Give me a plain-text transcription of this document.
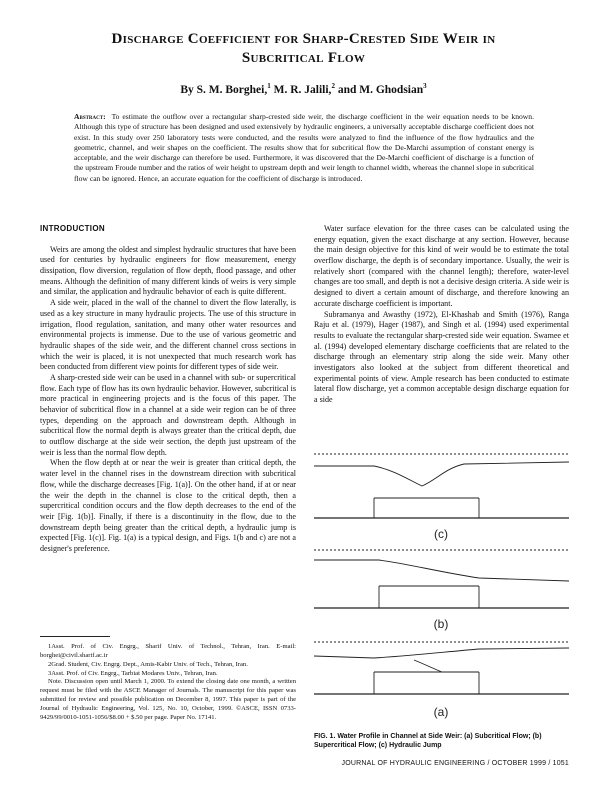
Discharge Coefficient for Sharp-Crested Side Weir in
Subcritical Flow
By S. M. Borghei,$^1$ M. R. Jalili,$^2$ and M. Ghodsian$^3$
Abstract: To estimate the outflow over a rectangular sharp-crested side weir, the discharge coefficient in the weir equation needs to be known. Although this type of structure has been designed and used extensively by hydraulic engineers, a universally acceptable discharge coefficient does not exist. In this study over 250 laboratory tests were conducted, and the results were analyzed to find the influence of the flow hydraulics and the geometric, channel, and weir shapes on the coefficient. The results show that for subcritical flow the De-Marchi assumption of constant energy is acceptable, and the weir discharge can therefore be used. Furthermore, it was discovered that the De-Marchi coefficient of discharge is a function of the upstream Froude number and the ratios of weir height to upstream depth and weir length to channel width, whereas the channel slope in subcritical flow can be ignored. Hence, an accurate equation for the coefficient of discharge is introduced.
INTRODUCTION

Weirs are among the oldest and simplest hydraulic structures that have been used for centuries by hydraulic engineers for flow measurement, energy dissipation, flow diversion, regulation of flow depth, flood passage, and other means. Although the definition of many different kinds of weirs is very simple and similar, the application and hydraulic behavior of each is quite different.

A side weir, placed in the wall of the channel to divert the flow laterally, is used as a key structure in many hydraulic projects. The use of this structure in irrigation, flood regulation, sanitation, and many other water resources and environmental projects is immense. Due to the use of various geometric and hydraulic shapes of the side weir, and the different channel cross sections in which the weir is placed, it is not unexpected that much research work has been conducted from different view points for different types of side weir.

A sharp-crested side weir can be used in a channel with sub- or supercritical flow. Each type of flow has its own hydraulic behavior. However, subcritical is more practical in engineering projects and is the focus of this paper. The behavior of subcritical flow in a channel at a side weir region can be of three types, depending on the approach and downstream depth. Although in subcritical flow the normal depth is always greater than the critical depth, due to outflow discharge at the side weir section, the depth just upstream of the weir is less than the normal flow depth.

When the flow depth at or near the weir is greater than critical depth, the water level in the channel rises in the downstream direction with subcritical flow, while the discharge decreases [Fig. 1(a)]. On the other hand, if at or near the weir the depth in the channel is close to the critical depth, then a supercritical condition occurs and the flow depth decreases to the end of the weir [Fig. 1(b)]. Finally, if there is a discontinuity in the flow, due to the downstream depth being greater than the critical depth, a hydraulic jump is expected [Fig. 1(c)]. Fig. 1(a) is a typical design, and Figs. 1(b and c) are not a designer's preference.

1Asst. Prof. of Civ. Engrg., Sharif Univ. of Technol., Tehran, Iran. E-mail: borghei@civil.sharif.ac.ir

2Grad. Student, Civ. Engrg. Dept., Amis-Kabir Univ. of Tech., Tehran, Iran.

3Asst. Prof. of Civ. Engrg., Tarbiat Modares Univ., Tehran, Iran.

Note. Discussion open until March 1, 2000. To extend the closing date one month, a written request must be filed with the ASCE Manager of Journals. The manuscript for this paper was submitted for review and possible publication on December 8, 1997. This paper is part of the Journal of Hydraulic Engineering, Vol. 125, No. 10, October, 1999. ©ASCE, ISSN 0733-9429/99/0010-1051-1056/$8.00 + $.50 per page. Paper No. 17141.

Water surface elevation for the three cases can be calculated using the energy equation, given the exact discharge at any section. However, because the main design objective for this kind of weir would be to estimate the total overflow discharge, the depth is of secondary importance. Usually, the weir is relatively short (compared with the channel length); therefore, water-level changes are too small, and depth is not a decisive design criteria. A side weir is designed to divert a certain amount of discharge, and therefore knowing an accurate discharge coefficient is important.

Subramanya and Awasthy (1972), El-Khashab and Smith (1976), Ranga Raju et al. (1979), Hager (1987), and Singh et al. (1994) used experimental results to evaluate the rectangular sharp-crested side weir equation. Swamee et al. (1994) developed elementary discharge coefficients that are related to the discharge through an elementary strip along the side weir. Many other investigators also looked at the subject from different theoretical and experimental points of view. Ample research has been conducted to estimate lateral flow discharge, yet a common acceptable design discharge equation for a side

(c)
(b)
(a)
FIG. 1. Water Profile in Channel at Side Weir: (a) Subcritical Flow; (b) Supercritical Flow; (c) Hydraulic Jump
JOURNAL OF HYDRAULIC ENGINEERING / OCTOBER 1999 / 1051
